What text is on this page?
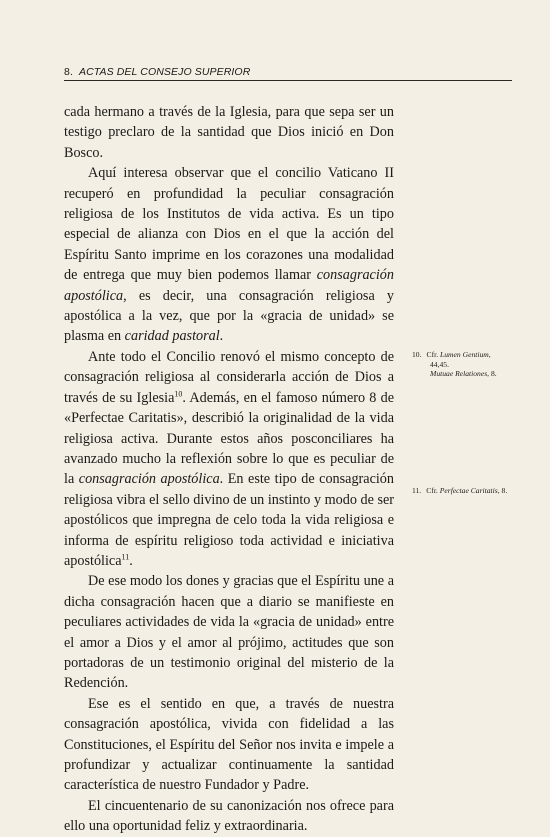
8. ACTAS DEL CONSEJO SUPERIOR

cada hermano a través de la Iglesia, para que sepa ser un testigo preclaro de la santidad que Dios inició en Don Bosco.

Aquí interesa observar que el concilio Vaticano II recuperó en profundidad la peculiar consagración religiosa de los Institutos de vida activa. Es un tipo especial de alianza con Dios en el que la acción del Espíritu Santo imprime en los corazones una modalidad de entrega que muy bien podemos llamar consagración apostólica, es decir, una consagración religiosa y apostólica a la vez, que por la «gracia de unidad» se plasma en caridad pastoral.

Ante todo el Concilio renovó el mismo concepto de consagración religiosa al considerarla acción de Dios a través de su Iglesia$^{10}$. Además, en el famoso número 8 de «Perfectae Caritatis», describió la originalidad de la vida religiosa activa. Durante estos años posconciliares ha avanzado mucho la reflexión sobre lo que es peculiar de la consagración apostólica. En este tipo de consagración religiosa vibra el sello divino de un instinto y modo de ser apostólicos que impregna de celo toda la vida religiosa e informa de espíritu religioso toda actividad e iniciativa apostólica$^{11}$.

De ese modo los dones y gracias que el Espíritu une a dicha consagración hacen que a diario se manifieste en peculiares actividades de vida la «gracia de unidad» entre el amor a Dios y el amor al prójimo, actitudes que son portadoras de un testimonio original del misterio de la Redención.

Ese es el sentido en que, a través de nuestra consagración apostólica, vivida con fidelidad a las Constituciones, el Espíritu del Señor nos invita e impele a profundizar y actualizar continuamente la santidad característica de nuestro Fundador y Padre.

El cincuentenario de su canonización nos ofrece para ello una oportunidad feliz y extraordinaria.

10. Cfr. Lumen Gentium,
44,45.
Mutuae Relationes, 8.
11. Cfr. Perfectae Caritatis, 8.
